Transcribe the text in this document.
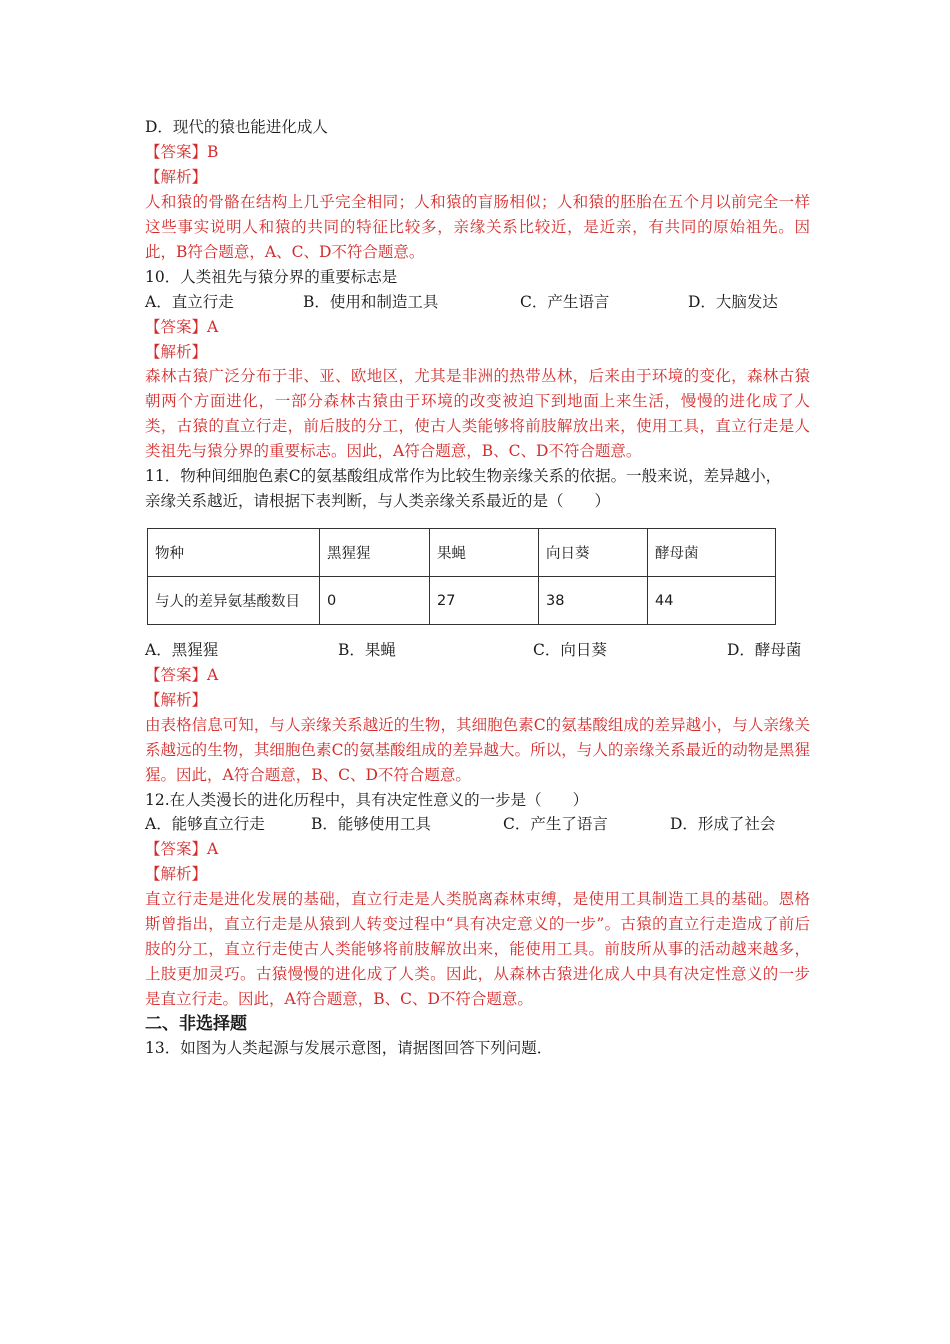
D．现代的猿也能进化成人
【答案】B
【解析】
人和猿的骨骼在结构上几乎完全相同；人和猿的盲肠相似；人和猿的胚胎在五个月以前完全一样这些事实说明人和猿的共同的特征比较多，亲缘关系比较近，是近亲，有共同的原始祖先。因此，B符合题意，A、C、D不符合题意。
10．人类祖先与猿分界的重要标志是
A．直立行走	B．使用和制造工具	C．产生语言	D．大脑发达
【答案】A
【解析】
森林古猿广泛分布于非、亚、欧地区，尤其是非洲的热带丛林，后来由于环境的变化，森林古猿朝两个方面进化，一部分森林古猿由于环境的改变被迫下到地面上来生活，慢慢的进化成了人类，古猿的直立行走，前后肢的分工，使古人类能够将前肢解放出来，使用工具，直立行走是人类祖先与猿分界的重要标志。因此，A符合题意，B、C、D不符合题意。
11．物种间细胞色素C的氨基酸组成常作为比较生物亲缘关系的依据。一般来说，差异越小，
亲缘关系越近，请根据下表判断，与人类亲缘关系最近的是（　　）
物种	黑猩猩	果蝇	向日葵	酵母菌
与人的差异氨基酸数目	0	27	38	44
A．黑猩猩	B．果蝇	C．向日葵	D．酵母菌
【答案】A
【解析】
由表格信息可知，与人亲缘关系越近的生物，其细胞色素C的氨基酸组成的差异越小，与人亲缘关系越远的生物，其细胞色素C的氨基酸组成的差异越大。所以，与人的亲缘关系最近的动物是黑猩猩。因此，A符合题意，B、C、D不符合题意。
12.在人类漫长的进化历程中，具有决定性意义的一步是（　　）
A．能够直立行走	B．能够使用工具	C．产生了语言	D．形成了社会
【答案】A
【解析】
直立行走是进化发展的基础，直立行走是人类脱离森林束缚，是使用工具制造工具的基础。恩格斯曾指出，直立行走是从猿到人转变过程中“具有决定意义的一步”。古猿的直立行走造成了前后肢的分工，直立行走使古人类能够将前肢解放出来，能使用工具。前肢所从事的活动越来越多，上肢更加灵巧。古猿慢慢的进化成了人类。因此，从森林古猿进化成人中具有决定性意义的一步是直立行走。因此，A符合题意，B、C、D不符合题意。
二、非选择题
13．如图为人类起源与发展示意图，请据图回答下列问题．
